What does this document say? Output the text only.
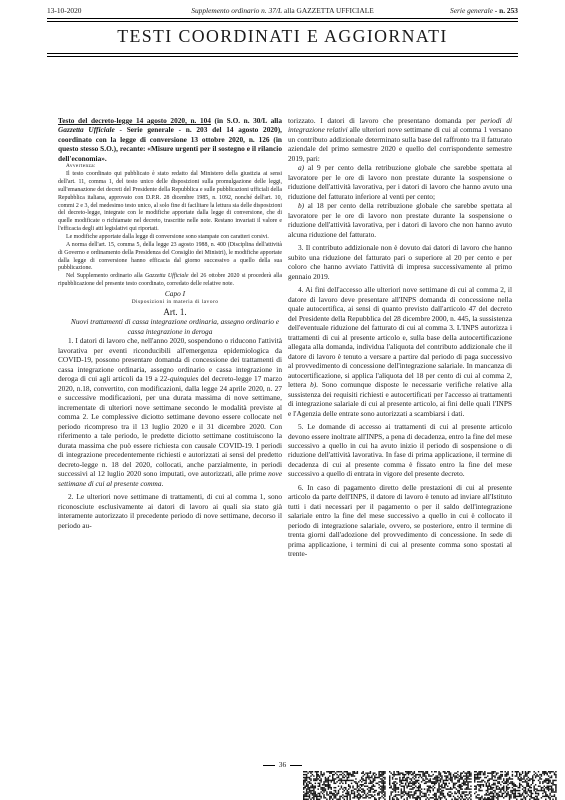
13-10-2020	Supplemento ordinario n. 37/L alla GAZZETTA UFFICIALE	Serie generale - n. 253
TESTI COORDINATI E AGGIORNATI

Testo del decreto-legge 14 agosto 2020, n. 104 (in S.O. n. 30/L alla Gazzetta Ufficiale - Serie generale - n. 203 del 14 agosto 2020), coordinato con la legge di conversione 13 ottobre 2020, n. 126 (in questo stesso S.O.), recante: «Misure urgenti per il sostegno e il rilancio dell'economia».

Avvertenza:

Il testo coordinato qui pubblicato è stato redatto dal Ministero della giustizia ai sensi dell'art. 11, comma 1, del testo unico delle disposizioni sulla promulgazione delle leggi, sull'emanazione dei decreti del Presidente della Repubblica e sulle pubblicazioni ufficiali della Repubblica italiana, approvato con D.P.R. 28 dicembre 1985, n. 1092, nonché dell'art. 10, commi 2 e 3, del medesimo testo unico, al solo fine di facilitare la lettura sia delle disposizioni del decreto-legge, integrate con le modifiche apportate dalla legge di conversione, che di quelle modificate o richiamate nel decreto, trascritte nelle note. Restano invariati il valore e l'efficacia degli atti legislativi qui riportati.

Le modifiche apportate dalla legge di conversione sono stampate con caratteri corsivi.

A norma dell'art. 15, comma 5, della legge 23 agosto 1988, n. 400 (Disciplina dell'attività di Governo e ordinamento della Presidenza del Consiglio dei Ministri), le modifiche apportate dalla legge di conversione hanno efficacia dal giorno successivo a quello della sua pubblicazione.

Nel Supplemento ordinario alla Gazzetta Ufficiale del 26 ottobre 2020 si procederà alla ripubblicazione del presente testo coordinato, corredato delle relative note.

Capo I

Disposizioni in materia di lavoro

Art. 1.

Nuovi trattamenti di cassa integrazione ordinaria, assegno ordinario e cassa integrazione in deroga

1. I datori di lavoro che, nell'anno 2020, sospendono o riducono l'attività lavorativa per eventi riconducibili all'emergenza epidemiologica da COVID-19, possono presentare domanda di concessione dei trattamenti di cassa integrazione ordinaria, assegno ordinario e cassa integrazione in deroga di cui agli articoli da 19 a 22-quinquies del decreto-legge 17 marzo 2020, n.18, convertito, con modificazioni, dalla legge 24 aprile 2020, n. 27 e successive modificazioni, per una durata massima di nove settimane, incrementate di ulteriori nove settimane secondo le modalità previste al comma 2. Le complessive diciotto settimane devono essere collocate nel periodo ricompreso tra il 13 luglio 2020 e il 31 dicembre 2020. Con riferimento a tale periodo, le predette diciotto settimane costituiscono la durata massima che può essere richiesta con causale COVID-19. I periodi di integrazione precedentemente richiesti e autorizzati ai sensi del predetto decreto-legge n. 18 del 2020, collocati, anche parzialmente, in periodi successivi al 12 luglio 2020 sono imputati, ove autorizzati, alle prime nove settimane di cui al presente comma.

2. Le ulteriori nove settimane di trattamenti, di cui al comma 1, sono riconosciute esclusivamente ai datori di lavoro ai quali sia stato già interamente autorizzato il precedente periodo di nove settimane, decorso il periodo au-

torizzato. I datori di lavoro che presentano domanda per periodi di integrazione relativi alle ulteriori nove settimane di cui al comma 1 versano un contributo addizionale determinato sulla base del raffronto tra il fatturato aziendale del primo semestre 2020 e quello del corrispondente semestre 2019, pari:

a) al 9 per cento della retribuzione globale che sarebbe spettata al lavoratore per le ore di lavoro non prestate durante la sospensione o riduzione dell'attività lavorativa, per i datori di lavoro che hanno avuto una riduzione del fatturato inferiore al venti per cento;

b) al 18 per cento della retribuzione globale che sarebbe spettata al lavoratore per le ore di lavoro non prestate durante la sospensione o riduzione dell'attività lavorativa, per i datori di lavoro che non hanno avuto alcuna riduzione del fatturato.

3. Il contributo addizionale non è dovuto dai datori di lavoro che hanno subito una riduzione del fatturato pari o superiore al 20 per cento e per coloro che hanno avviato l'attività di impresa successivamente al primo gennaio 2019.

4. Ai fini dell'accesso alle ulteriori nove settimane di cui al comma 2, il datore di lavoro deve presentare all'INPS domanda di concessione nella quale autocertifica, ai sensi di quanto previsto dall'articolo 47 del decreto del Presidente della Repubblica del 28 dicembre 2000, n. 445, la sussistenza dell'eventuale riduzione del fatturato di cui al comma 3. L'INPS autorizza i trattamenti di cui al presente articolo e, sulla base della autocertificazione allegata alla domanda, individua l'aliquota del contributo addizionale che il datore di lavoro è tenuto a versare a partire dal periodo di paga successivo al provvedimento di concessione dell'integrazione salariale. In mancanza di autocertificazione, si applica l'aliquota del 18 per cento di cui al comma 2, lettera b). Sono comunque disposte le necessarie verifiche relative alla sussistenza dei requisiti richiesti e autocertificati per l'accesso ai trattamenti di integrazione salariale di cui al presente articolo, ai fini delle quali l'INPS e l'Agenzia delle entrate sono autorizzati a scambiarsi i dati.

5. Le domande di accesso ai trattamenti di cui al presente articolo devono essere inoltrate all'INPS, a pena di decadenza, entro la fine del mese successivo a quello in cui ha avuto inizio il periodo di sospensione o di riduzione dell'attività lavorativa. In fase di prima applicazione, il termine di decadenza di cui al presente comma è fissato entro la fine del mese successivo a quello di entrata in vigore del presente decreto.

6. In caso di pagamento diretto delle prestazioni di cui al presente articolo da parte dell'INPS, il datore di lavoro è tenuto ad inviare all'Istituto tutti i dati necessari per il pagamento o per il saldo dell'integrazione salariale entro la fine del mese successivo a quello in cui è collocato il periodo di integrazione salariale, ovvero, se posteriore, entro il termine di trenta giorni dall'adozione del provvedimento di concessione. In sede di prima applicazione, i termini di cui al presente comma sono spostati al trente-

36
